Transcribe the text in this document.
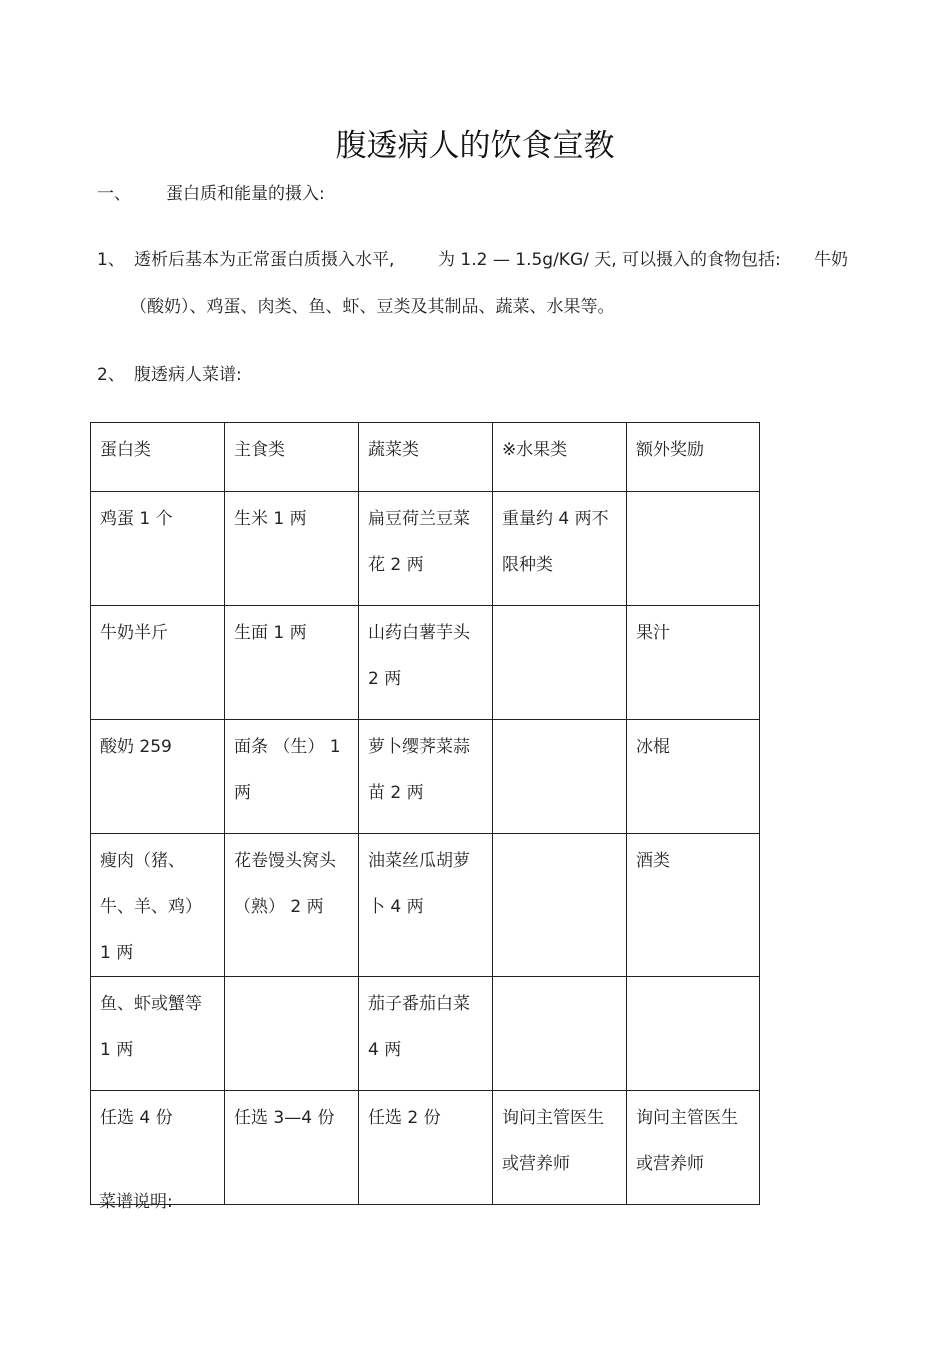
腹透病人的饮食宣教
一、 蛋白质和能量的摄入:
1、 透析后基本为正常蛋白质摄入水平,	为 1.2 — 1.5g/KG/ 天, 可以摄入的食物包括: 牛奶
（酸奶）、鸡蛋、肉类、鱼、虾、豆类及其制品、蔬菜、水果等。
2、 腹透病人菜谱:
蛋白类	主食类	蔬菜类	※水果类	额外奖励

鸡蛋 1 个	生米 1 两	扁豆荷兰豆菜花 2 两	重量约 4 两不限种类	

牛奶半斤	生面 1 两	山药白薯芋头 2 两		果汁

酸奶 259	面条 （生） 1 两	萝卜缨荠菜蒜苗 2 两		冰棍

瘦肉（猪、牛、羊、鸡） 1 两	花卷馒头窝头（熟） 2 两	油菜丝瓜胡萝卜 4 两		酒类

鱼、虾或蟹等 1 两		茄子番茄白菜 4 两		

任选 4 份	任选 3—4 份	任选 2 份	询问主管医生或营养师	询问主管医生或营养师
菜谱说明:
